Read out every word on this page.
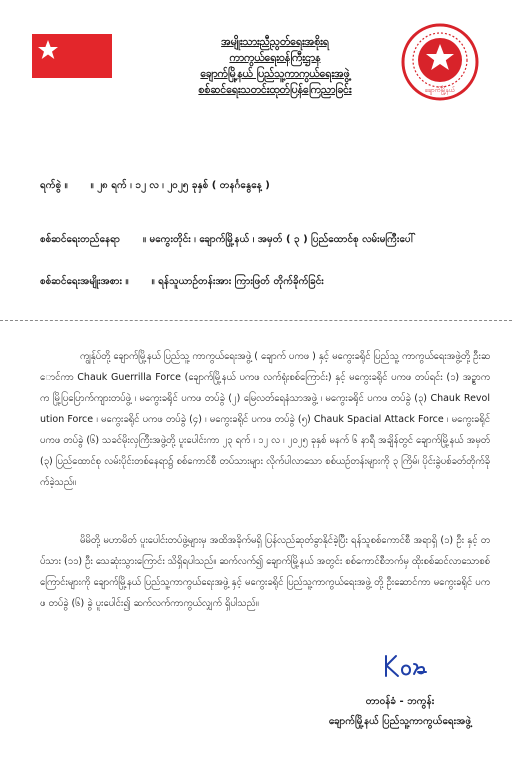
အမျိုးသားညီညွတ်ရေးအစိုးရ
ကာကွယ်ရေးဝန်ကြီးဌာန
ချောက်မြို့နယ် ပြည်သူ့ကာကွယ်ရေးအဖွဲ့
စစ်ဆင်ရေးသတင်းထုတ်ပြန်ကြေညာခြင်း	ချောက်မြို့နယ်
ရက်စွဲ ။ ။ ၂၈ ရက် ၊ ၁၂ လ ၊ ၂၀၂၅ ခုနှစ် ( တနင်္ဂနွေနေ့ )
စစ်ဆင်ရေးတည်နေရာ ။ မကွေးတိုင်း ၊ ချောက်မြို့နယ် ၊ အမှတ် ( ၃ ) ပြည်ထောင်စု လမ်းမကြီးပေါ်
စစ်ဆင်ရေးအမျိုးအစား ။ ။ ရန်သူယာဉ်တန်းအား ကြားဖြတ် တိုက်ခိုက်ခြင်း
ကျွန်ုပ်တို့ ချောက်မြို့နယ် ပြည်သူ့ ကာကွယ်ရေးအဖွဲ့ ( ချောက် ပကဖ ) နှင့် မကွေးခရိုင် ပြည်သူ့ ကာကွယ်ရေးအဖွဲ့တို့ ဦးဆောင်ကာ Chauk Guerrilla Force (ချောက်မြို့နယ် ပကဖ လက်ရုံးစစ်ကြောင်း) နှင့် မကွေးခရိုင် ပကဖ တပ်ရင်း (၁) အဥ္စာကက မြို့ပြပြောက်ကျားတပ်ဖွဲ့ ၊ မကွေးခရိုင် ပကဖ တပ်ခွဲ (၂) မြေလတ်ရေနံသာအဖွဲ့ ၊ မကွေးခရိုင် ပကဖ တပ်ခွဲ (၃) Chauk Revolution Force ၊ မကွေးခရိုင် ပကဖ တပ်ခွဲ (၄) ၊ မကွေးခရိုင် ပကဖ တပ်ခွဲ (၅) Chauk Spacial Attack Force ၊ မကွေးခရိုင် ပကဖ တပ်ခွဲ (၆) သခင်မိုးလှကြီးအဖွဲ့တို့ ပူးပေါင်းကာ ၂၃ ရက် ၊ ၁၂ လ ၊ ၂၀၂၅ ခုနှစ် မနက် ၆ နာရီ အချိန်တွင် ချောက်မြို့နယ် အမှတ် (၃) ပြည်ထောင်စု လမ်းပိုင်းတစ်နေရာ၌ စစ်ကောင်စီ တပ်သားများ လိုက်ပါလာသော စစ်ယဉ်တန်းများကို ၃ ကြိမ်၊ ပိုင်းခွဲပစ်ခတ်တိုက်ခိုက်ခဲ့သည်။
မိမိတို့ မဟာမိတ် ပူးပေါင်းတပ်ဖွဲ့များမှ အထိအခိုက်မရှိ ပြန်လည်ဆုတ်ခွာနိုင်ခဲ့ပြီး ရန်သူစစ်ကောင်စီ အရာရှိ (၁) ဦး နှင့် တပ်သား (၁၁) ဦး သေဆုံးသွားကြောင်း သိရှိရပါသည်။ ဆက်လက်၍ ချောက်မြို့နယ် အတွင်း စစ်ကောင်စီဘက်မှ ထိုးစစ်ဆင်လာသောစစ်ကြောင်းများကို ချောက်မြို့နယ် ပြည်သူ့ကာကွယ်ရေးအဖွဲ့ နှင့် မကွေးခရိုင် ပြည်သူ့ကာကွယ်ရေးအဖွဲ့ တို့ ဦးဆောင်ကာ မကွေးခရိုင် ပကဖ တပ်ခွဲ (၆) ခွဲ ပူးပေါင်း၍ ဆက်လက်ကာကွယ်လျှက် ရှိပါသည်။
တာဝန်ခံ - ဘကွန်း
ချောက်မြို့နယ် ပြည်သူ့ကာကွယ်ရေးအဖွဲ့
